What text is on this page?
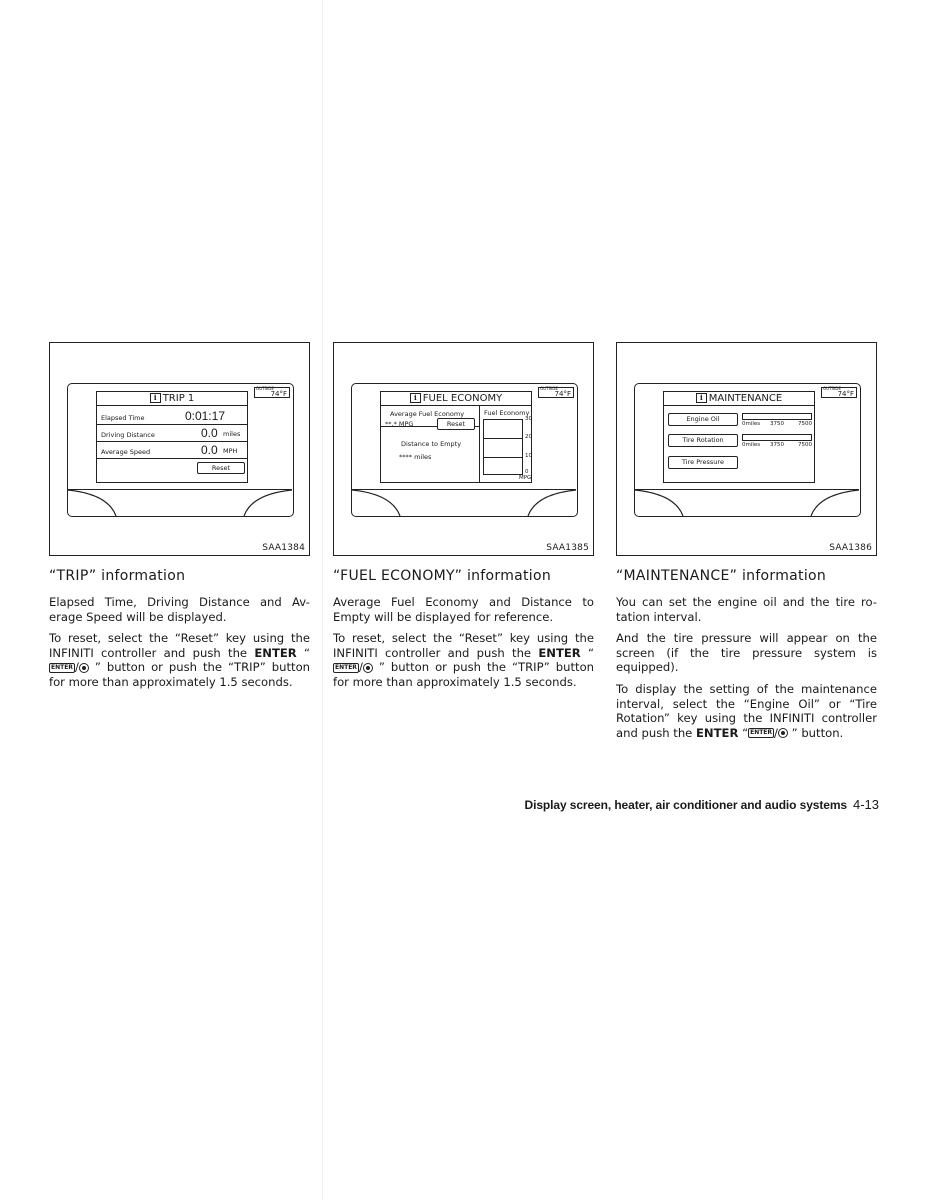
OUTSIDE
74°F
i TRIP 1
Elapsed Time	0:01:17
Driving Distance	0.0 miles
Average Speed	0.0 MPH
Reset
SAA1384
OUTSIDE
74°F
i FUEL ECONOMY
Average Fuel Economy
**.* MPG	Reset
Distance to Empty
**** miles
Fuel Economy
30
20
10
0
MPG
SAA1385
OUTSIDE
74°F
i MAINTENANCE
Engine Oil
0miles 3750	7500
Tire Rotation
0miles 3750	7500
Tire Pressure
SAA1386
“TRIP” information

Elapsed Time, Driving Distance and Av-erage Speed will be displayed.

To reset, select the “Reset” key using the INFINITI controller and push the ENTER “ENTER / ” button or push the “TRIP” button for more than approximately 1.5 seconds.

“FUEL ECONOMY” information

Average Fuel Economy and Distance to Empty will be displayed for reference.

To reset, select the “Reset” key using the INFINITI controller and push the ENTER “ENTER / ” button or push the “TRIP” button for more than approximately 1.5 seconds.

“MAINTENANCE” information

You can set the engine oil and the tire ro-tation interval.

And the tire pressure will appear on the screen (if the tire pressure system is equipped).

To display the setting of the maintenance interval, select the “Engine Oil” or “Tire Rotation” key using the INFINITI controller and push the ENTER “ ENTER / ” button.

Display screen, heater, air conditioner and audio systems 4-13
